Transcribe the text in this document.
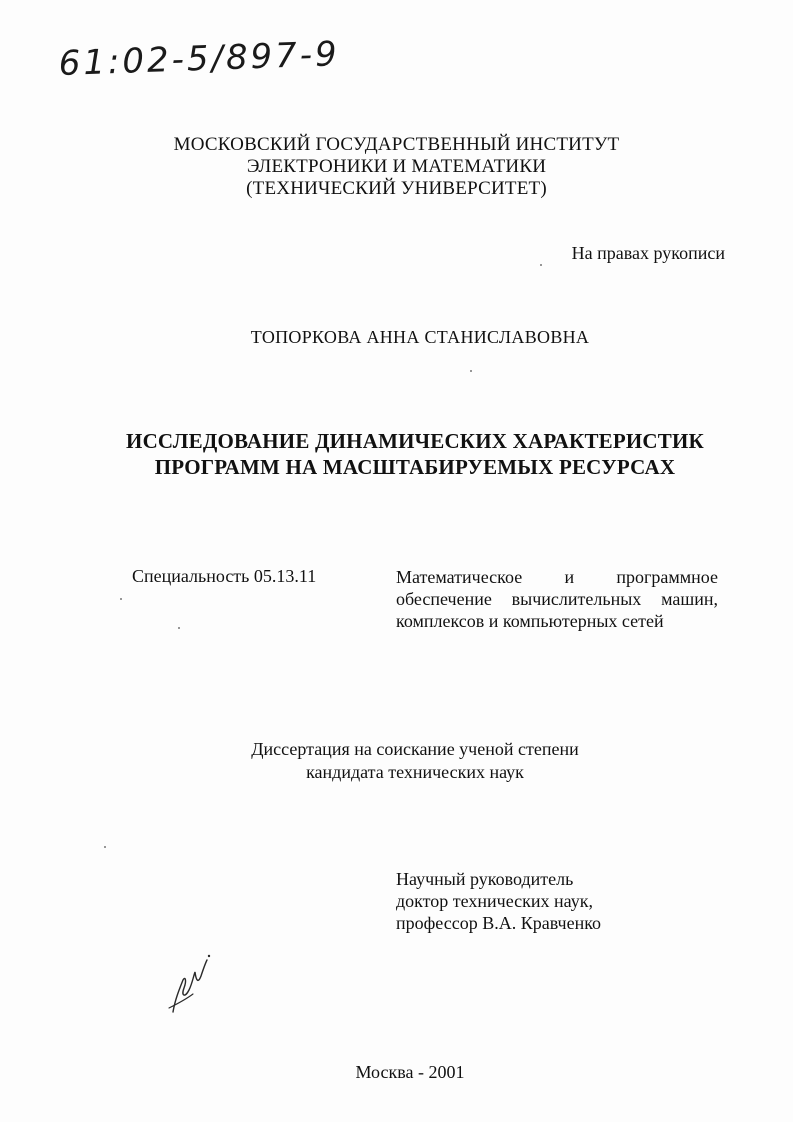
61:02-5/897-9
МОСКОВСКИЙ ГОСУДАРСТВЕННЫЙ ИНСТИТУТ
ЭЛЕКТРОНИКИ И МАТЕМАТИКИ
(ТЕХНИЧЕСКИЙ УНИВЕРСИТЕТ)
На правах рукописи
ТОПОРКОВА АННА СТАНИСЛАВОВНА
ИССЛЕДОВАНИЕ ДИНАМИЧЕСКИХ ХАРАКТЕРИСТИК
ПРОГРАММ НА МАСШТАБИРУЕМЫХ РЕСУРСАХ
Специальность 05.13.11	Математическое и программное
обеспечение вычислительных машин,
комплексов и компьютерных сетей
Диссертация на соискание ученой степени
кандидата технических наук
Научный руководитель
доктор технических наук,
профессор В.А. Кравченко
Москва - 2001
